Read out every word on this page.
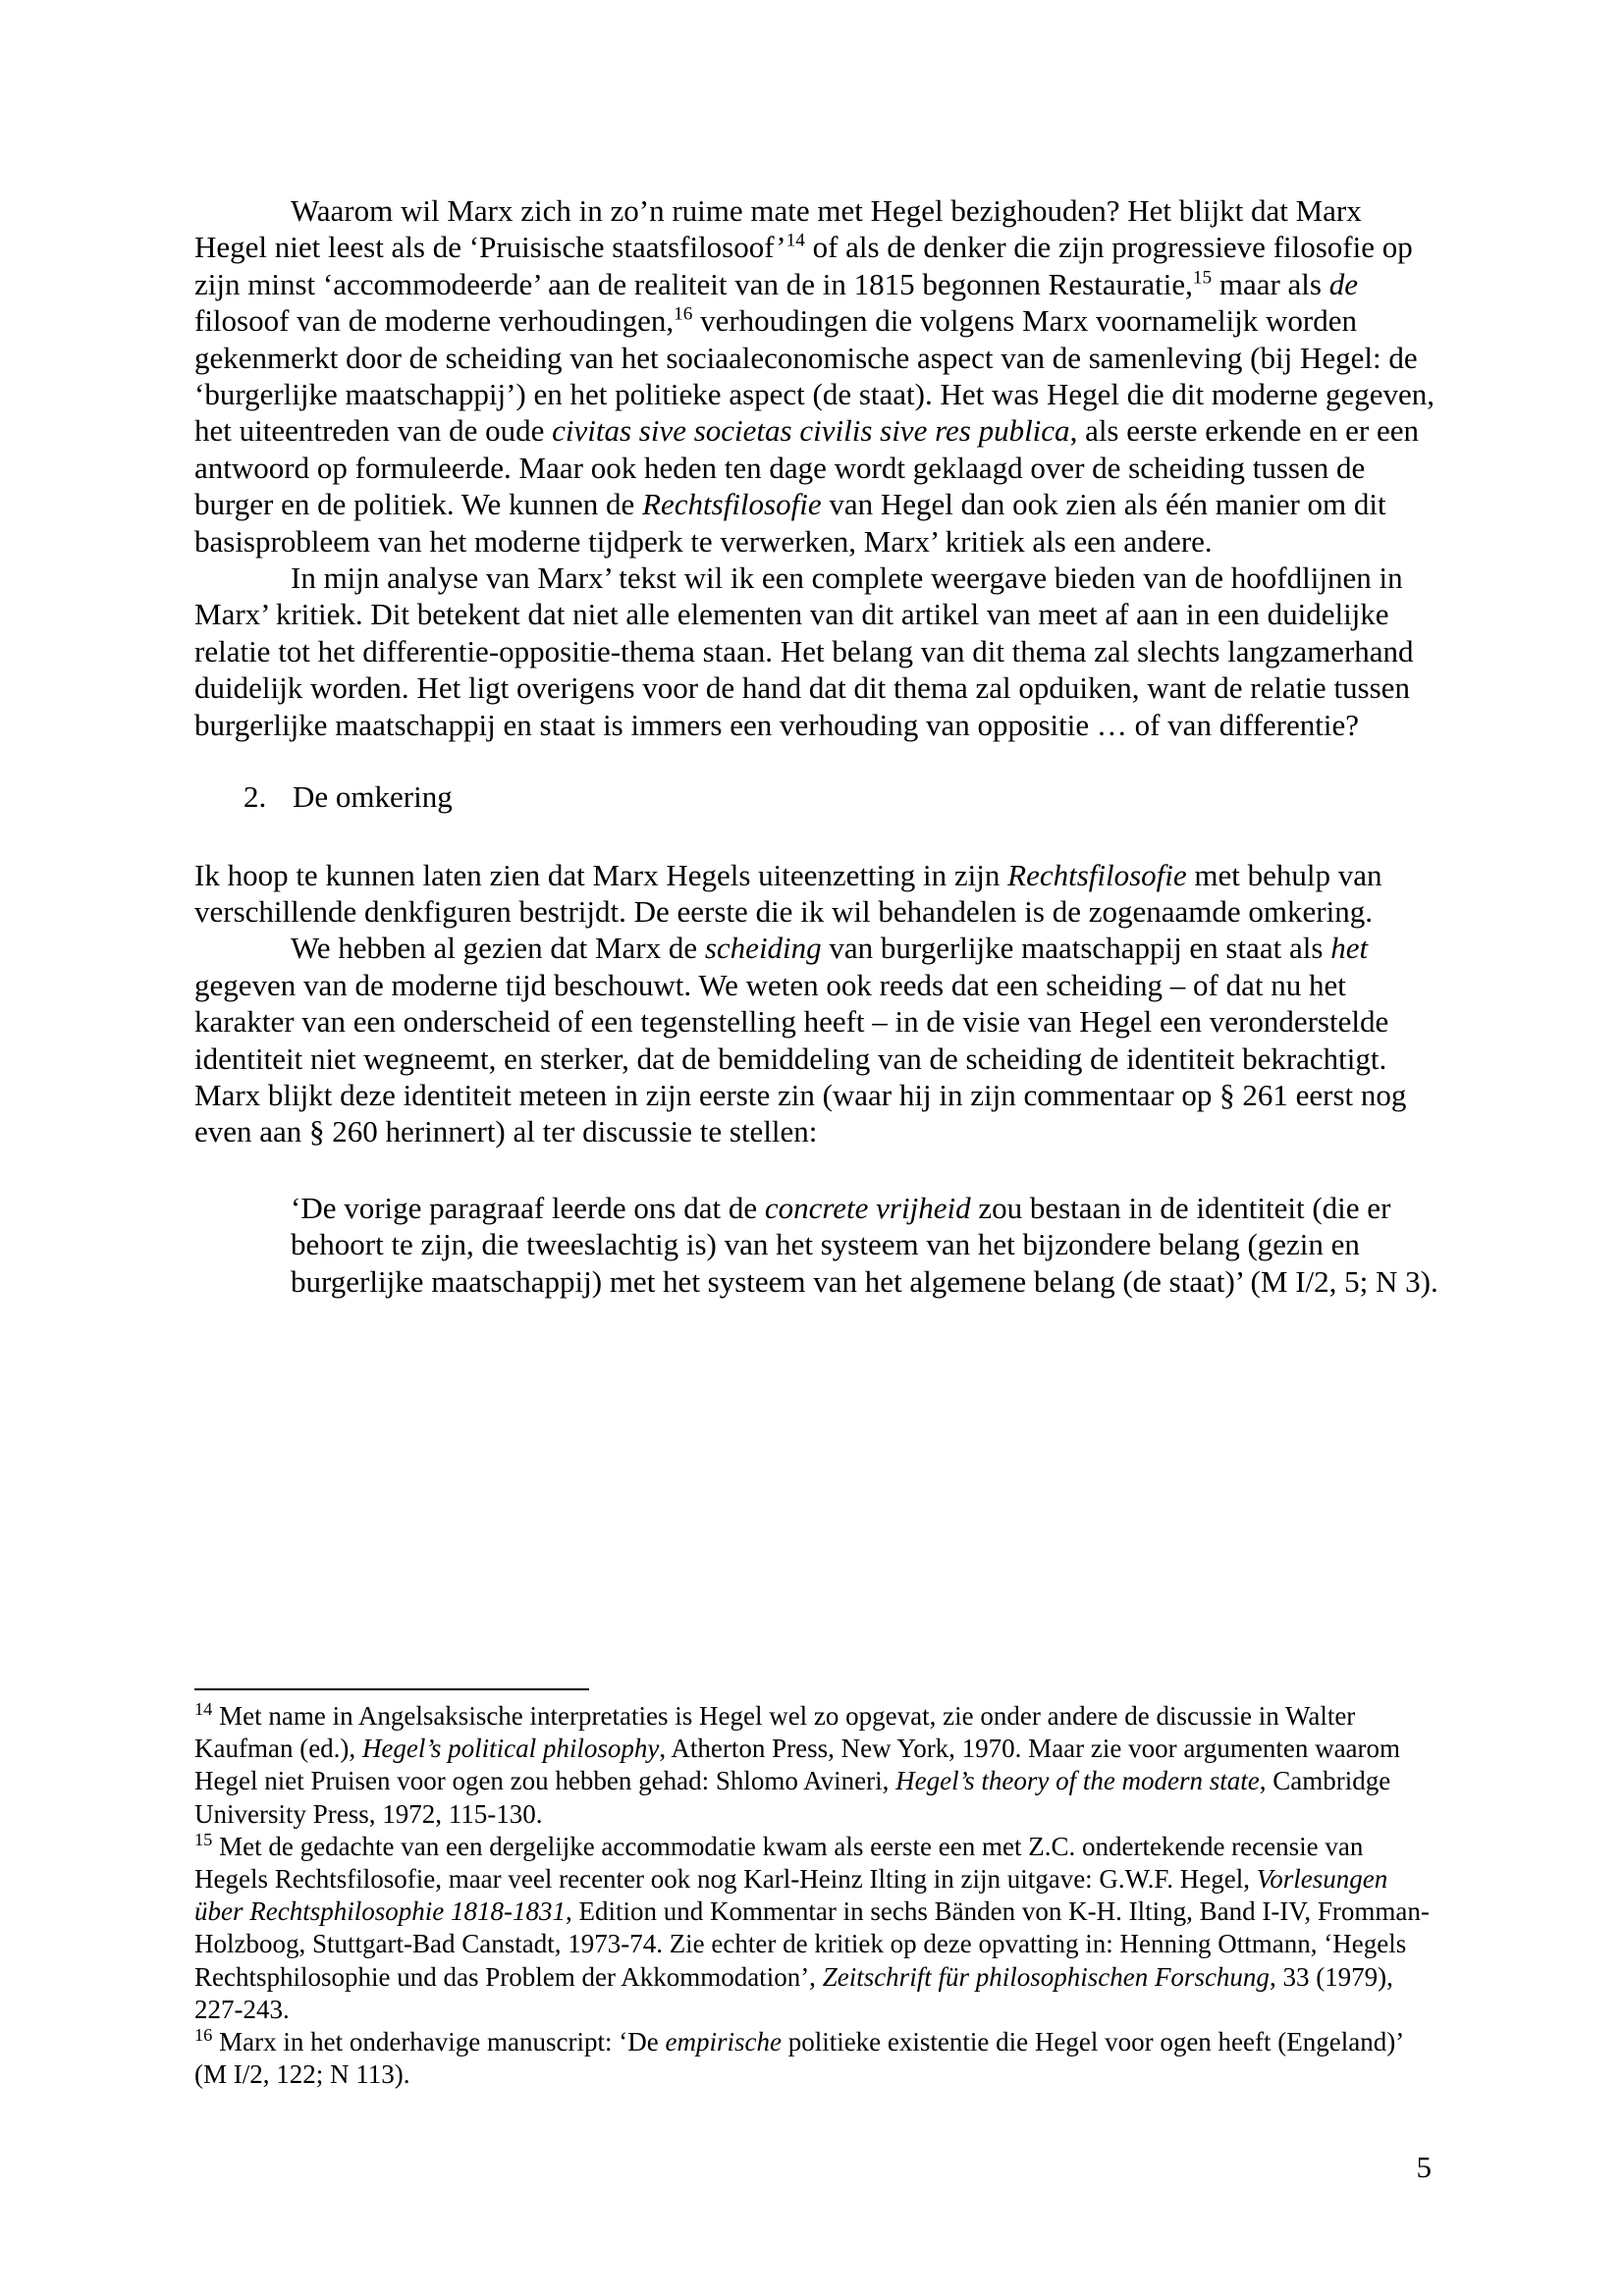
Waarom wil Marx zich in zo’n ruime mate met Hegel bezighouden? Het blijkt dat Marx Hegel niet leest als de ‘Pruisische staatsfilosoof’$^{14}$ of als de denker die zijn progressieve filosofie op zijn minst ‘accommodeerde’ aan de realiteit van de in 1815 begonnen Restauratie,$^{15}$ maar als de filosoof van de moderne verhoudingen,$^{16}$ verhoudingen die volgens Marx voornamelijk worden gekenmerkt door de scheiding van het sociaaleconomische aspect van de samenleving (bij Hegel: de ‘burgerlijke maatschappij’) en het politieke aspect (de staat). Het was Hegel die dit moderne gegeven, het uiteentreden van de oude civitas sive societas civilis sive res publica, als eerste erkende en er een antwoord op formuleerde. Maar ook heden ten dage wordt geklaagd over de scheiding tussen de burger en de politiek. We kunnen de Rechtsfilosofie van Hegel dan ook zien als één manier om dit basisprobleem van het moderne tijdperk te verwerken, Marx’ kritiek als een andere.

In mijn analyse van Marx’ tekst wil ik een complete weergave bieden van de hoofdlijnen in Marx’ kritiek. Dit betekent dat niet alle elementen van dit artikel van meet af aan in een duidelijke relatie tot het differentie-oppositie-thema staan. Het belang van dit thema zal slechts langzamerhand duidelijk worden. Het ligt overigens voor de hand dat dit thema zal opduiken, want de relatie tussen burgerlijke maatschappij en staat is immers een verhouding van oppositie … of van differentie?

2. De omkering

Ik hoop te kunnen laten zien dat Marx Hegels uiteenzetting in zijn Rechtsfilosofie met behulp van verschillende denkfiguren bestrijdt. De eerste die ik wil behandelen is de zogenaamde omkering.

We hebben al gezien dat Marx de scheiding van burgerlijke maatschappij en staat als het gegeven van de moderne tijd beschouwt. We weten ook reeds dat een scheiding – of dat nu het karakter van een onderscheid of een tegenstelling heeft – in de visie van Hegel een veronderstelde identiteit niet wegneemt, en sterker, dat de bemiddeling van de scheiding de identiteit bekrachtigt. Marx blijkt deze identiteit meteen in zijn eerste zin (waar hij in zijn commentaar op § 261 eerst nog even aan § 260 herinnert) al ter discussie te stellen:

‘De vorige paragraaf leerde ons dat de concrete vrijheid zou bestaan in de identiteit (die er behoort te zijn, die tweeslachtig is) van het systeem van het bijzondere belang (gezin en burgerlijke maatschappij) met het systeem van het algemene belang (de staat)’ (M I/2, 5; N 3).

$^{14}$ Met name in Angelsaksische interpretaties is Hegel wel zo opgevat, zie onder andere de discussie in Walter Kaufman (ed.), Hegel’s political philosophy, Atherton Press, New York, 1970. Maar zie voor argumenten waarom Hegel niet Pruisen voor ogen zou hebben gehad: Shlomo Avineri, Hegel’s theory of the modern state, Cambridge University Press, 1972, 115-130.

$^{15}$ Met de gedachte van een dergelijke accommodatie kwam als eerste een met Z.C. ondertekende recensie van Hegels Rechtsfilosofie, maar veel recenter ook nog Karl-Heinz Ilting in zijn uitgave: G.W.F. Hegel, Vorlesungen über Rechtsphilosophie 1818-1831, Edition und Kommentar in sechs Bänden von K-H. Ilting, Band I-IV, Fromman-Holzboog, Stuttgart-Bad Canstadt, 1973-74. Zie echter de kritiek op deze opvatting in: Henning Ottmann, ‘Hegels Rechtsphilosophie und das Problem der Akkommodation’, Zeitschrift für philosophischen Forschung, 33 (1979), 227-243.

$^{16}$ Marx in het onderhavige manuscript: ‘De empirische politieke existentie die Hegel voor ogen heeft (Engeland)’ (M I/2, 122; N 113).

5
